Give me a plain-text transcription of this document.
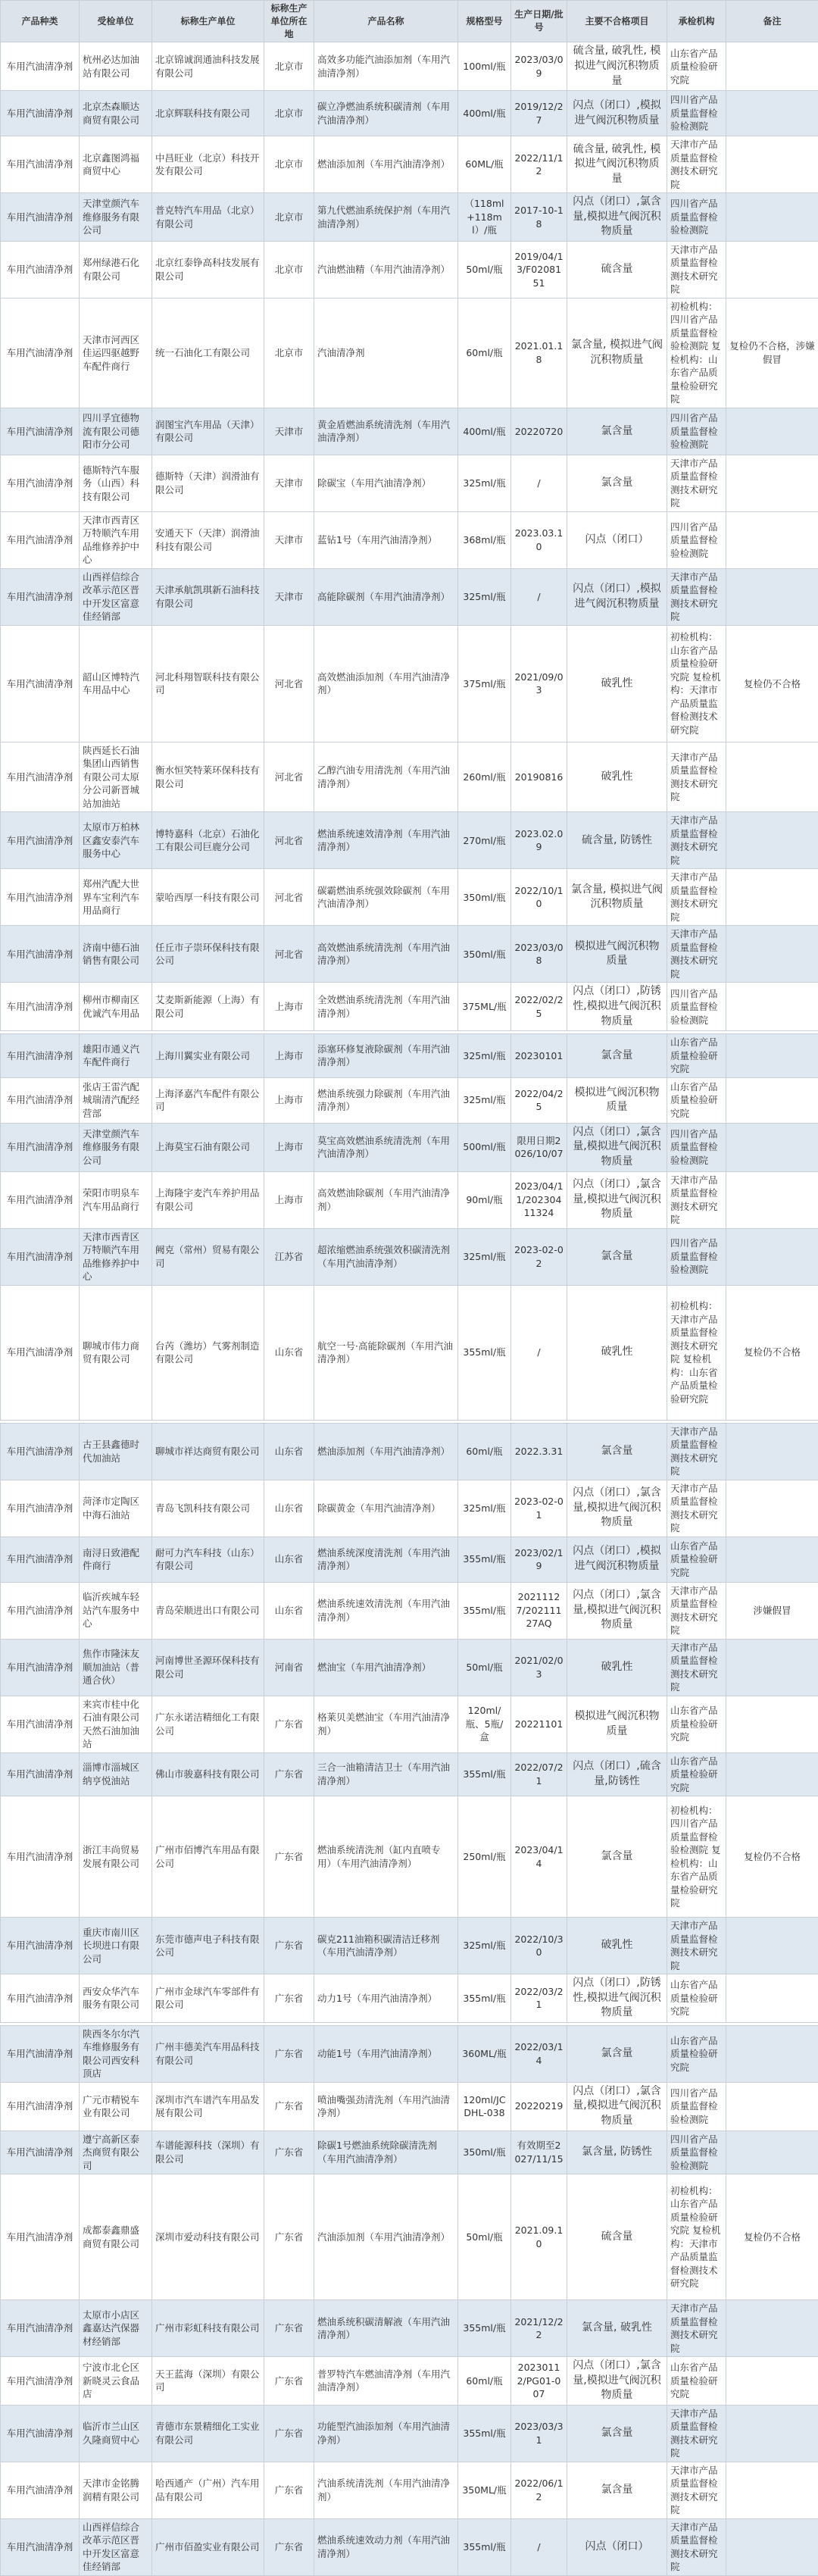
产品种类	受检单位	标称生产单位	标称生产单位所在地	产品名称	规格型号	生产日期/批号	主要不合格项目	承检机构	备注
车用汽油清净剂	杭州必达加油站有限公司	北京锦诚润通油科技发展有限公司	北京市	高效多功能汽油添加剂（车用汽油清净剂）	100ml/瓶	2023/03/09	硫含量, 破乳性, 模拟进气阀沉积物质量	山东省产品质量检验研究院	
车用汽油清净剂	北京杰森顺达商贸有限公司	北京辉联科技有限公司	北京市	碳立净燃油系统积碳清剂（车用汽油清净剂）	400ml/瓶	2019/12/27	闪点（闭口）,模拟进气阀沉积物质量	四川省产品质量监督检验检测院	
车用汽油清净剂	北京鑫图鸿福商贸中心	中昌旺业（北京）科技开发有限公司	北京市	燃油添加剂（车用汽油清净剂）	60ML/瓶	2022/11/12	硫含量, 破乳性, 模拟进气阀沉积物质量	天津市产品质量监督检测技术研究院	
车用汽油清净剂	天津堂颜汽车维修服务有限公司	普克特汽车用品（北京）有限公司	北京市	第九代燃油系统保护剂（车用汽油清净剂）	（118ml+118ml）/瓶	2017-10-18	闪点（闭口）,氯含量,模拟进气阀沉积物质量	四川省产品质量监督检验检测院	
车用汽油清净剂	郑州绿港石化有限公司	北京红泰铮高科技发展有限公司	北京市	汽油燃油精（车用汽油清净剂）	50ml/瓶	2019/04/13/F0208151	硫含量	天津市产品质量监督检测技术研究院	
车用汽油清净剂	天津市河西区佳运四驱越野车配件商行	统一石油化工有限公司	北京市	汽油清净剂	60ml/瓶	2021.01.18	氯含量, 模拟进气阀沉积物质量	初检机构：四川省产品质量监督检验检测院 复检机构：山东省产品质量检验研究院	复检仍不合格，涉嫌假冒
车用汽油清净剂	四川孚宜德物流有限公司德阳市分公司	润图宝汽车用品（天津）有限公司	天津市	黄金盾燃油系统清洗剂（车用汽油清净剂）	400ml/瓶	20220720	氯含量	四川省产品质量监督检验检测院	
车用汽油清净剂	德斯特汽车服务（山西）科技有限公司	德斯特（天津）润滑油有限公司	天津市	除碳宝（车用汽油清净剂）	325ml/瓶	/	氯含量	天津市产品质量监督检测技术研究院	
车用汽油清净剂	天津市西青区万特顺汽车用品维修养护中心	安通天下（天津）润滑油科技有限公司	天津市	蓝钻1号（车用汽油清净剂）	368ml/瓶	2023.03.10	闪点（闭口）	四川省产品质量监督检验检测院	
车用汽油清净剂	山西祥信综合改革示范区晋中开发区富意佳经销部	天津承航凯琪新石油科技有限公司	天津市	高能除碳剂（车用汽油清净剂）	325ml/瓶	/	闪点（闭口）,模拟进气阀沉积物质量	天津市产品质量监督检测技术研究院	
车用汽油清净剂	韶山区博特汽车用品中心	河北科翔智联科技有限公司	河北省	高效燃油添加剂（车用汽油清净剂）	375ml/瓶	2021/09/03	破乳性	初检机构：山东省产品质量检验研究院 复检机构：天津市产品质量监督检测技术研究院	复检仍不合格
车用汽油清净剂	陕西延长石油集团山西销售有限公司太原分公司新晋城站加油站	衡水恒笑特莱环保科技有限公司	河北省	乙醇汽油专用清洗剂（车用汽油清净剂）	260ml/瓶	20190816	破乳性	天津市产品质量监督检测技术研究院	
车用汽油清净剂	太原市万柏林区鑫安泰汽车服务中心	博特嘉科（北京）石油化工有限公司巨鹿分公司	河北省	燃油系统速效清净剂（车用汽油清净剂）	270ml/瓶	2023.02.09	硫含量, 防锈性	天津市产品质量监督检测技术研究院	
车用汽油清净剂	郑州汽配大世界车宝利汽车用品商行	蒙哈西厚一科技有限公司	河北省	碳霸燃油系统强效除碳剂（车用汽油清净剂）	350ml/瓶	2022/10/10	氯含量, 模拟进气阀沉积物质量	天津市产品质量监督检测技术研究院	
车用汽油清净剂	济南中德石油销售有限公司	任丘市子崇环保科技有限公司	河北省	高效燃油系统清洗剂（车用汽油清净剂）	350ml/瓶	2023/03/08	模拟进气阀沉积物质量	天津市产品质量监督检测技术研究院	
车用汽油清净剂	柳州市柳南区优诚汽车用品	艾麦斯新能源（上海）有限公司	上海市	全效燃油系统清洗剂（车用汽油清净剂）	375ML/瓶	2022/02/25	闪点（闭口）,防锈性,模拟进气阀沉积物质量	四川省产品质量监督检验检测院	

车用汽油清净剂	雄阳市通义汽车配件商行	上海川翼实业有限公司	上海市	添塞环修复液除碳剂（车用汽油清净剂）	325ml/瓶	20230101	氯含量	山东省产品质量检验研究院	
车用汽油清净剂	张店王雷汽配城瑞清汽配经营部	上海泽嘉汽车配件有限公司	上海市	燃油系统强力除碳剂（车用汽油清净剂）	325ml/瓶	2022/04/25	模拟进气阀沉积物质量	山东省产品质量检验研究院	
车用汽油清净剂	天津堂颜汽车维修服务有限公司	上海莫宝石油有限公司	上海市	莫宝高效燃油系统清洗剂（车用汽油清净剂）	500ml/瓶	限用日期2026/10/07	闪点（闭口）,氯含量,模拟进气阀沉积物质量	四川省产品质量监督检验检测院	
车用汽油清净剂	荣阳市明泉车汽车用品商行	上海隆宇麦汽车养护用品有限公司	上海市	高效燃油除碳剂（车用汽油清净剂）	90ml/瓶	2023/04/11/20230411324	闪点（闭口）,氯含量,模拟进气阀沉积物质量	天津市产品质量监督检测技术研究院	
车用汽油清净剂	天津市西青区万特顺汽车用品维修养护中心	阙克（常州）贸易有限公司	江苏省	超浓缩燃油系统强效积碳清洗剂（车用汽油清净剂）	325ml/瓶	2023-02-02	氯含量	四川省产品质量监督检验检测院	
车用汽油清净剂	聊城市伟力商贸有限公司	台芮（潍坊）气雾剂制造有限公司	山东省	航空一号·高能除碳剂（车用汽油清净剂）	355ml/瓶	/	破乳性	初检机构：天津市产品质量监督检测技术研究院 复检机构：山东省产品质量检验研究院	复检仍不合格

车用汽油清净剂	古王县鑫德时代加油站	聊城市祥达商贸有限公司	山东省	燃油添加剂（车用汽油清净剂）	60ml/瓶	2022.3.31	氯含量	天津市产品质量监督检测技术研究院	
车用汽油清净剂	菏泽市定陶区中海石油站	青岛飞凯科技有限公司	山东省	除碳黄金（车用汽油清净剂）	325ml/瓶	2023-02-01	闪点（闭口）,氯含量,模拟进气阀沉积物质量	天津市产品质量监督检测技术研究院	
车用汽油清净剂	南浔日致港配件商行	耐可力汽车科技（山东）有限公司	山东省	燃油系统深度清洗剂（车用汽油清净剂）	355ml/瓶	2023/02/19	闪点（闭口）,模拟进气阀沉积物质量	山东省产品质量检验研究院	
车用汽油清净剂	临沂疾城车轻站汽车服务中心	青岛荣顺进出口有限公司	山东省	燃油系统速效清洗剂（车用汽油清净剂）	355ml/瓶	20211127/20211127AQ	闪点（闭口）,氯含量,模拟进气阀沉积物质量	天津市产品质量监督检测技术研究院	涉嫌假冒
车用汽油清净剂	焦作市隆沫友顺加油站（普通合伙）	河南博世圣源环保科技有限公司	河南省	燃油宝（车用汽油清净剂）	50ml/瓶	2021/02/03	破乳性	天津市产品质量监督检测技术研究院	
车用汽油清净剂	来宾市桂中化石油有限公司天然石油加油站	广东永诺洁精细化工有限公司	广东省	格莱贝美燃油宝（车用汽油清净剂）	120ml/瓶、5瓶/盒	20221101	模拟进气阀沉积物质量	山东省产品质量检验研究院	
车用汽油清净剂	淄博市淄城区纳亨悦油站	佛山市骏嘉科技有限公司	广东省	三合一油箱清洁卫士（车用汽油清净剂）	355ml/瓶	2022/07/21	闪点（闭口）,硫含量,防锈性	山东省产品质量检验研究院	
车用汽油清净剂	浙江丰尚贸易发展有限公司	广州市佰博汽车用品有限公司	广东省	燃油系统清洗剂（缸内直喷专用）（车用汽油清净剂）	250ml/瓶	2023/04/14	氯含量	初检机构：四川省产品质量监督检验检测院 复检机构：山东省产品质量检验研究院	复检仍不合格
车用汽油清净剂	重庆市南川区长坝进口有限公司	东莞市德声电子科技有限公司	广东省	碳克211油箱积碳清洁迁移剂（车用汽油清净剂）	325ml/瓶	2022/10/30	破乳性	天津市产品质量监督检测技术研究院	
车用汽油清净剂	西安众华汽车服务有限公司	广州市金球汽车零部件有限公司	广东省	动力1号（车用汽油清净剂）	355ml/瓶	2022/03/21	闪点（闭口）,防锈性,模拟进气阀沉积物质量	山东省产品质量检验研究院	

车用汽油清净剂	陕西冬尔尔汽车维修服务有限公司西安科顶店	广州丰德美汽车用品科技有限公司	广东省	动能1号（车用汽油清净剂）	360ML/瓶	2022/03/14	氯含量	山东省产品质量检验研究院	
车用汽油清净剂	广元市精锐车业有限公司	深圳市汽车谱汽车用品发展有限公司	广东省	喷油嘴强劲清洗剂（车用汽油清净剂）	120ml/JCDHL-038	20220219	闪点（闭口）,氯含量,模拟进气阀沉积物质量	四川省产品质量监督检验检测院	
车用汽油清净剂	遵宁高新区泰杰商贸有限公司	车谱能源科技（深圳）有限公司	广东省	除碳1号燃油系统除碳清洗剂（车用汽油清净剂）	350ml/瓶	有效期至2027/11/15	氯含量, 防锈性	四川省产品质量监督检验检测院	
车用汽油清净剂	成都泰鑫鼎盛商贸有限公司	深圳市爱动科技有限公司	广东省	汽油添加剂（车用汽油清净剂）	50ml/瓶	2021.09.10	硫含量	初检机构：山东省产品质量检验研究院 复检机构：天津市产品质量监督检测技术研究院	复检仍不合格
车用汽油清净剂	太原市小店区鑫嘉达汽保器材经销部	广州市彩虹科技有限公司	广东省	燃油系统积碳清解液（车用汽油清净剂）	355ml/瓶	2021/12/22	氯含量, 破乳性	天津市产品质量监督检测技术研究院	
车用汽油清净剂	宁波市北仑区新晓灵云食品店	天王蓝海（深圳）有限公司	广东省	普罗特汽车燃油清净剂（车用汽油清净剂）	60ml/瓶	20230112/PG01-007	闪点（闭口）,氯含量,模拟进气阀沉积物质量	山东省产品质量检验研究院	
车用汽油清净剂	临沂市兰山区久隆商贸中心	青德市东景精细化工实业有限公司	广东省	功能型汽油添加剂（车用汽油清净剂）	355ml/瓶	2023/03/31	氯含量	天津市产品质量监督检测技术研究院	
车用汽油清净剂	天津市金铭腾润精有限公司	哈西通产（广州）汽车用品有限公司	广东省	汽油系统清洗剂（车用汽油清净剂）	350ML/瓶	2022/06/12	氯含量	天津市产品质量监督检测技术研究院	
车用汽油清净剂	山西祥信综合改革示范区晋中开发区富意佳经销部	广州市佰盈实业有限公司	广东省	燃油系统速效动力剂（车用汽油清净剂）	355ml/瓶	/	闪点（闭口）	天津市产品质量监督检测技术研究院	
